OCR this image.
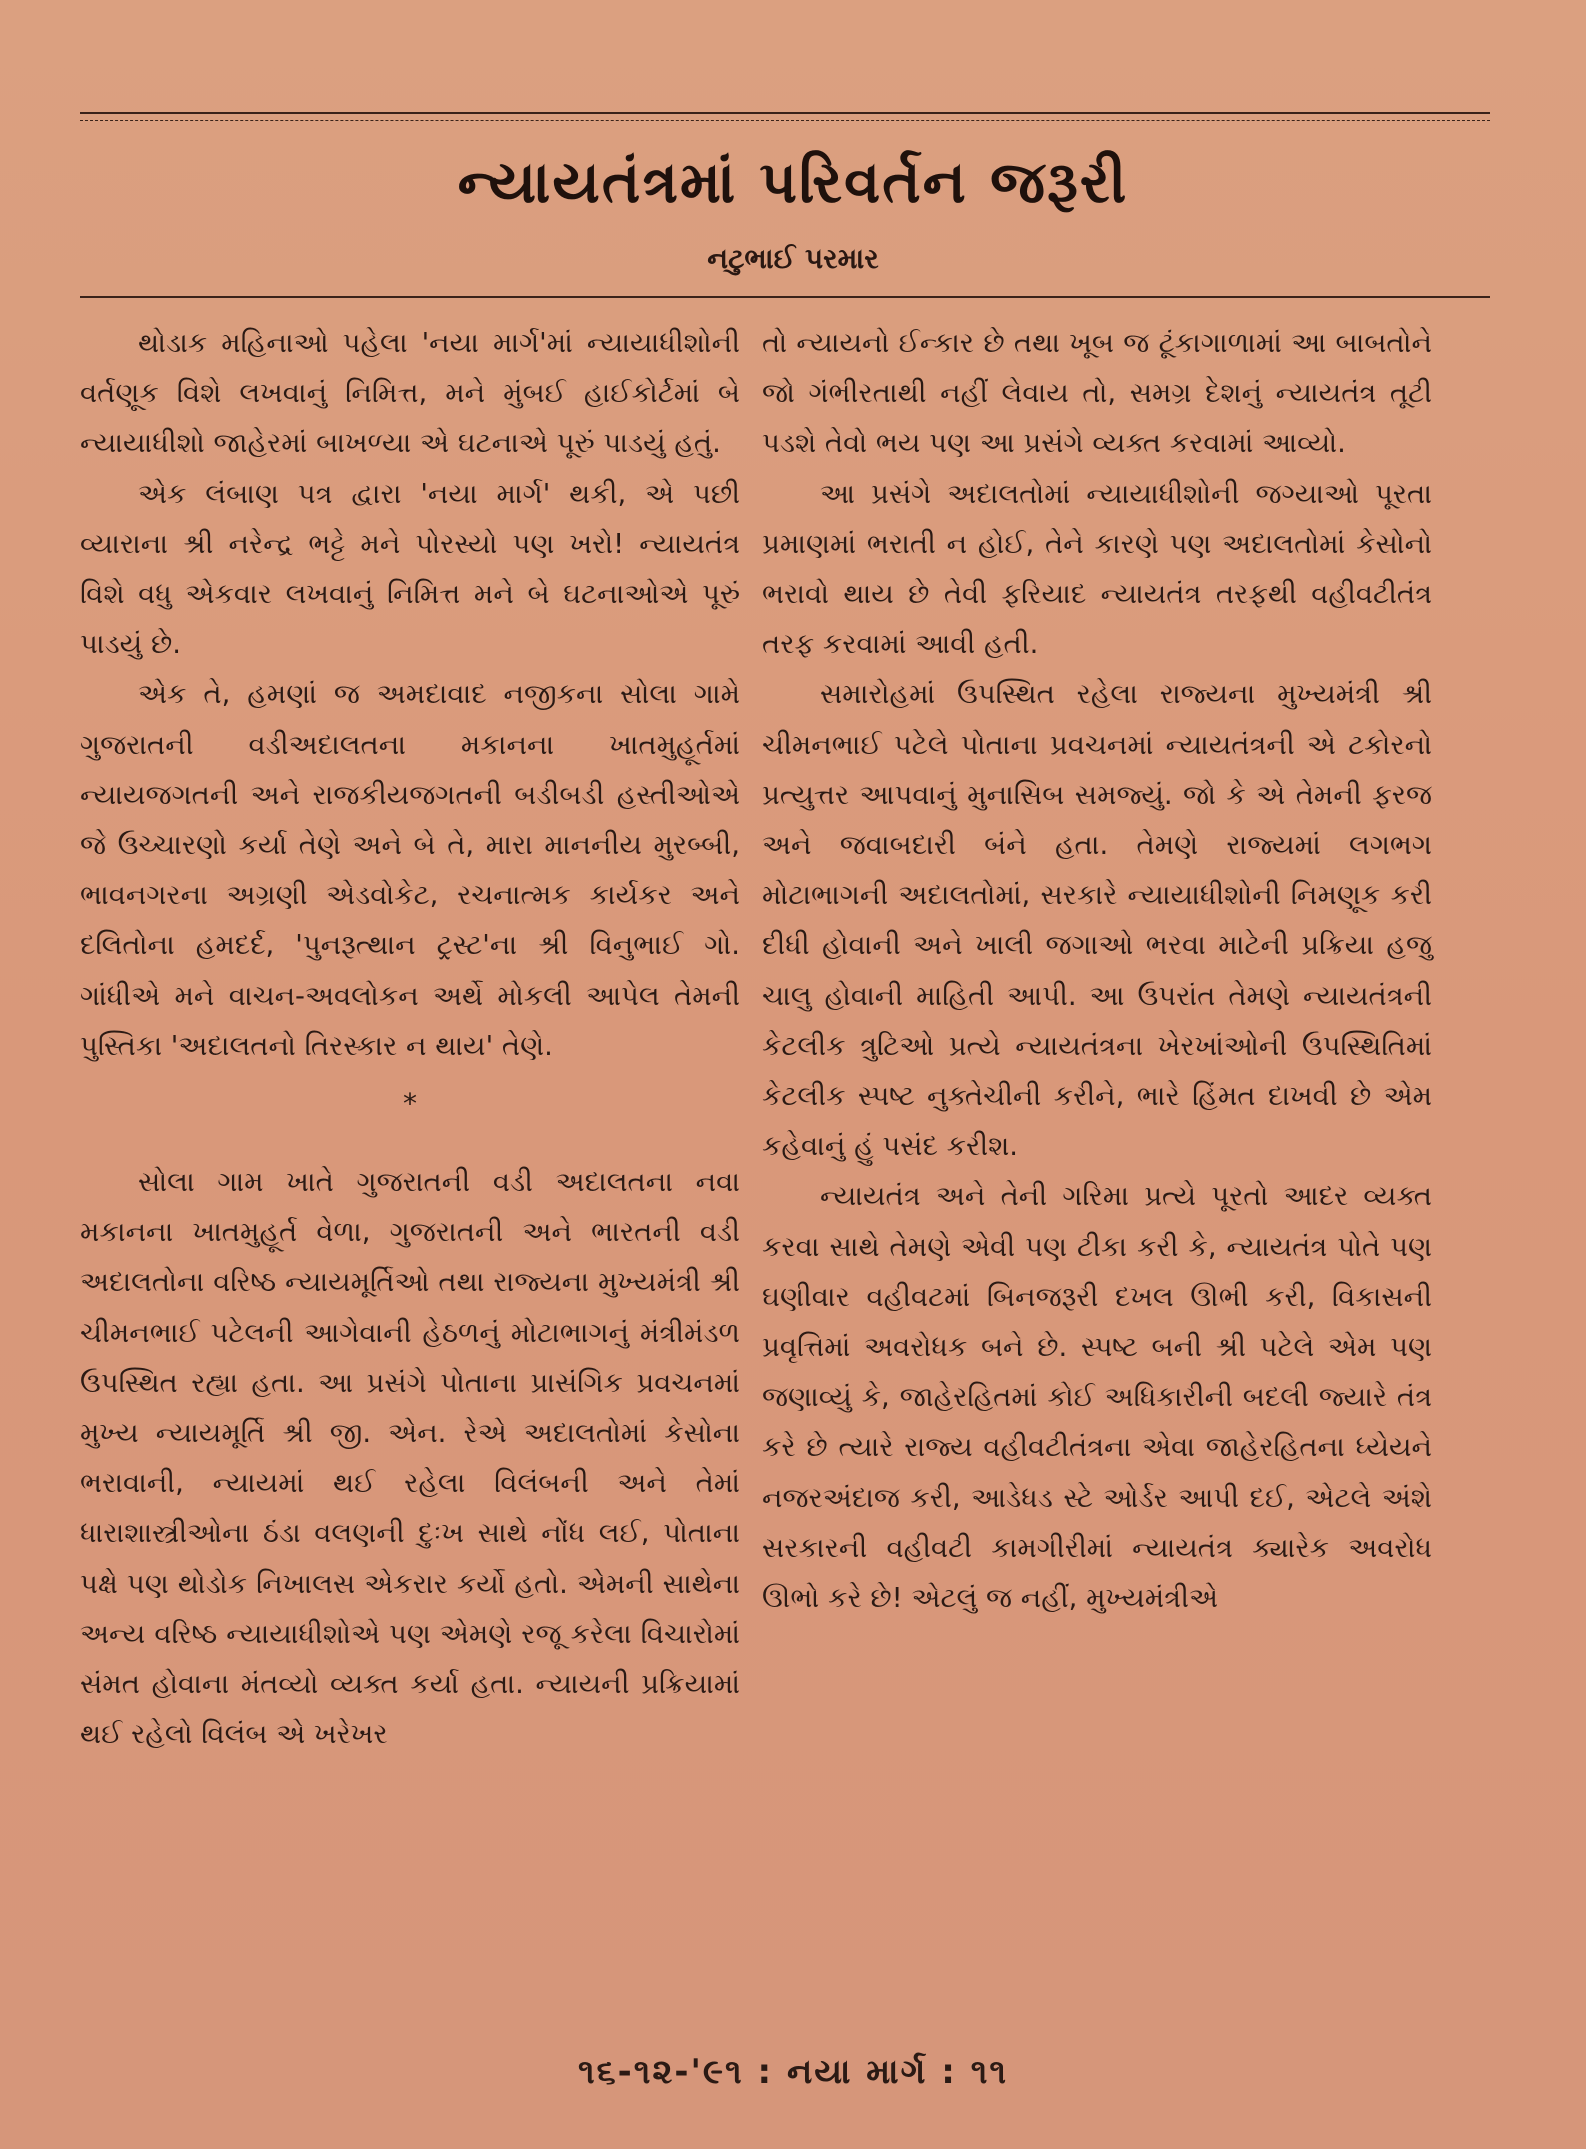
ન્યાયતંત્રમાં પરિવર્તન જરૂરી
નટુભાઈ પરમાર

થોડાક મહિનાઓ પહેલા 'નયા માર્ગ'માં ન્યાયાધીશોની વર્તણૂક વિશે લખવાનું નિમિત્ત, મને મુંબઈ હાઈકોર્ટમાં બે ન્યાયાધીશો જાહેરમાં બાખળ્યા એ ઘટનાએ પૂરું પાડયું હતું.

એક લંબાણ પત્ર દ્વારા 'નયા માર્ગ' થકી, એ પછી વ્યારાના શ્રી નરેન્દ્ર ભટ્ટે મને પોરસ્યો પણ ખરો! ન્યાયતંત્ર વિશે વધુ એકવાર લખવાનું નિમિત્ત મને બે ઘટનાઓએ પૂરું પાડયું છે.

એક તે, હમણાં જ અમદાવાદ નજીકના સોલા ગામે ગુજરાતની વડીઅદાલતના મકાનના ખાતમુહૂર્તમાં ન્યાયજગતની અને રાજકીયજગતની બડીબડી હસ્તીઓએ જે ઉચ્ચારણો કર્યા તેણે અને બે તે, મારા માનનીય મુરબ્બી, ભાવનગરના અગ્રણી એડવોકેટ, રચનાત્મક કાર્યકર અને દલિતોના હમદર્દ, 'પુનરૂત્થાન ટ્રસ્ટ'ના શ્રી વિનુભાઈ ગો. ગાંધીએ મને વાચન-અવલોકન અર્થે મોકલી આપેલ તેમની પુસ્તિકા 'અદાલતનો તિરસ્કાર ન થાય' તેણે.

*

સોલા ગામ ખાતે ગુજરાતની વડી અદાલતના નવા મકાનના ખાતમુહૂર્ત વેળા, ગુજરાતની અને ભારતની વડી અદાલતોના વરિષ્ઠ ન્યાયમૂર્તિઓ તથા રાજ્યના મુખ્યમંત્રી શ્રી ચીમનભાઈ પટેલની આગેવાની હેઠળનું મોટાભાગનું મંત્રીમંડળ ઉપસ્થિત રહ્યા હતા. આ પ્રસંગે પોતાના પ્રાસંગિક પ્રવચનમાં મુખ્ય ન્યાયમૂર્તિ શ્રી જી. એન. રેએ અદાલતોમાં કેસોના ભરાવાની, ન્યાયમાં થઈ રહેલા વિલંબની અને તેમાં ધારાશાસ્ત્રીઓના ઠંડા વલણની દુઃખ સાથે નોંધ લઈ, પોતાના પક્ષે પણ થોડોક નિખાલસ એકરાર કર્યો હતો. એમની સાથેના અન્ય વરિષ્ઠ ન્યાયાધીશોએ પણ એમણે રજૂ કરેલા વિચારોમાં સંમત હોવાના મંતવ્યો વ્યક્ત કર્યા હતા. ન્યાયની પ્રક્રિયામાં થઈ રહેલો વિલંબ એ ખરેખર

તો ન્યાયનો ઈન્કાર છે તથા ખૂબ જ ટૂંકાગાળામાં આ બાબતોને જો ગંભીરતાથી નહીં લેવાય તો, સમગ્ર દેશનું ન્યાયતંત્ર તૂટી પડશે તેવો ભય પણ આ પ્રસંગે વ્યક્ત કરવામાં આવ્યો.

આ પ્રસંગે અદાલતોમાં ન્યાયાધીશોની જગ્યાઓ પૂરતા પ્રમાણમાં ભરાતી ન હોઈ, તેને કારણે પણ અદાલતોમાં કેસોનો ભરાવો થાય છે તેવી ફરિયાદ ન્યાયતંત્ર તરફથી વહીવટીતંત્ર તરફ કરવામાં આવી હતી.

સમારોહમાં ઉપસ્થિત રહેલા રાજ્યના મુખ્યમંત્રી શ્રી ચીમનભાઈ પટેલે પોતાના પ્રવચનમાં ન્યાયતંત્રની એ ટકોરનો પ્રત્યુત્તર આપવાનું મુનાસિબ સમજ્યું. જો કે એ તેમની ફરજ અને જવાબદારી બંને હતા. તેમણે રાજ્યમાં લગભગ મોટાભાગની અદાલતોમાં, સરકારે ન્યાયાધીશોની નિમણૂક કરી દીધી હોવાની અને ખાલી જગાઓ ભરવા માટેની પ્રક્રિયા હજુ ચાલુ હોવાની માહિતી આપી. આ ઉપરાંત તેમણે ન્યાયતંત્રની કેટલીક ત્રુટિઓ પ્રત્યે ન્યાયતંત્રના ખેરખાંઓની ઉપસ્થિતિમાં કેટલીક સ્પષ્ટ નુક્તેચીની કરીને, ભારે હિંમત દાખવી છે એમ કહેવાનું હું પસંદ કરીશ.

ન્યાયતંત્ર અને તેની ગરિમા પ્રત્યે પૂરતો આદર વ્યક્ત કરવા સાથે તેમણે એવી પણ ટીકા કરી કે, ન્યાયતંત્ર પોતે પણ ઘણીવાર વહીવટમાં બિનજરૂરી દખલ ઊભી કરી, વિકાસની પ્રવૃત્તિમાં અવરોધક બને છે. સ્પષ્ટ બની શ્રી પટેલે એમ પણ જણાવ્યું કે, જાહેરહિતમાં કોઈ અધિકારીની બદલી જ્યારે તંત્ર કરે છે ત્યારે રાજ્ય વહીવટીતંત્રના એવા જાહેરહિતના ધ્યેયને નજરઅંદાજ કરી, આડેધડ સ્ટે ઓર્ડર આપી દઈ, એટલે અંશે સરકારની વહીવટી કામગીરીમાં ન્યાયતંત્ર ક્યારેક અવરોધ ઊભો કરે છે! એટલું જ નહીં, મુખ્યમંત્રીએ

૧૬-૧૨-'૯૧ : નયા માર્ગ : ૧૧
